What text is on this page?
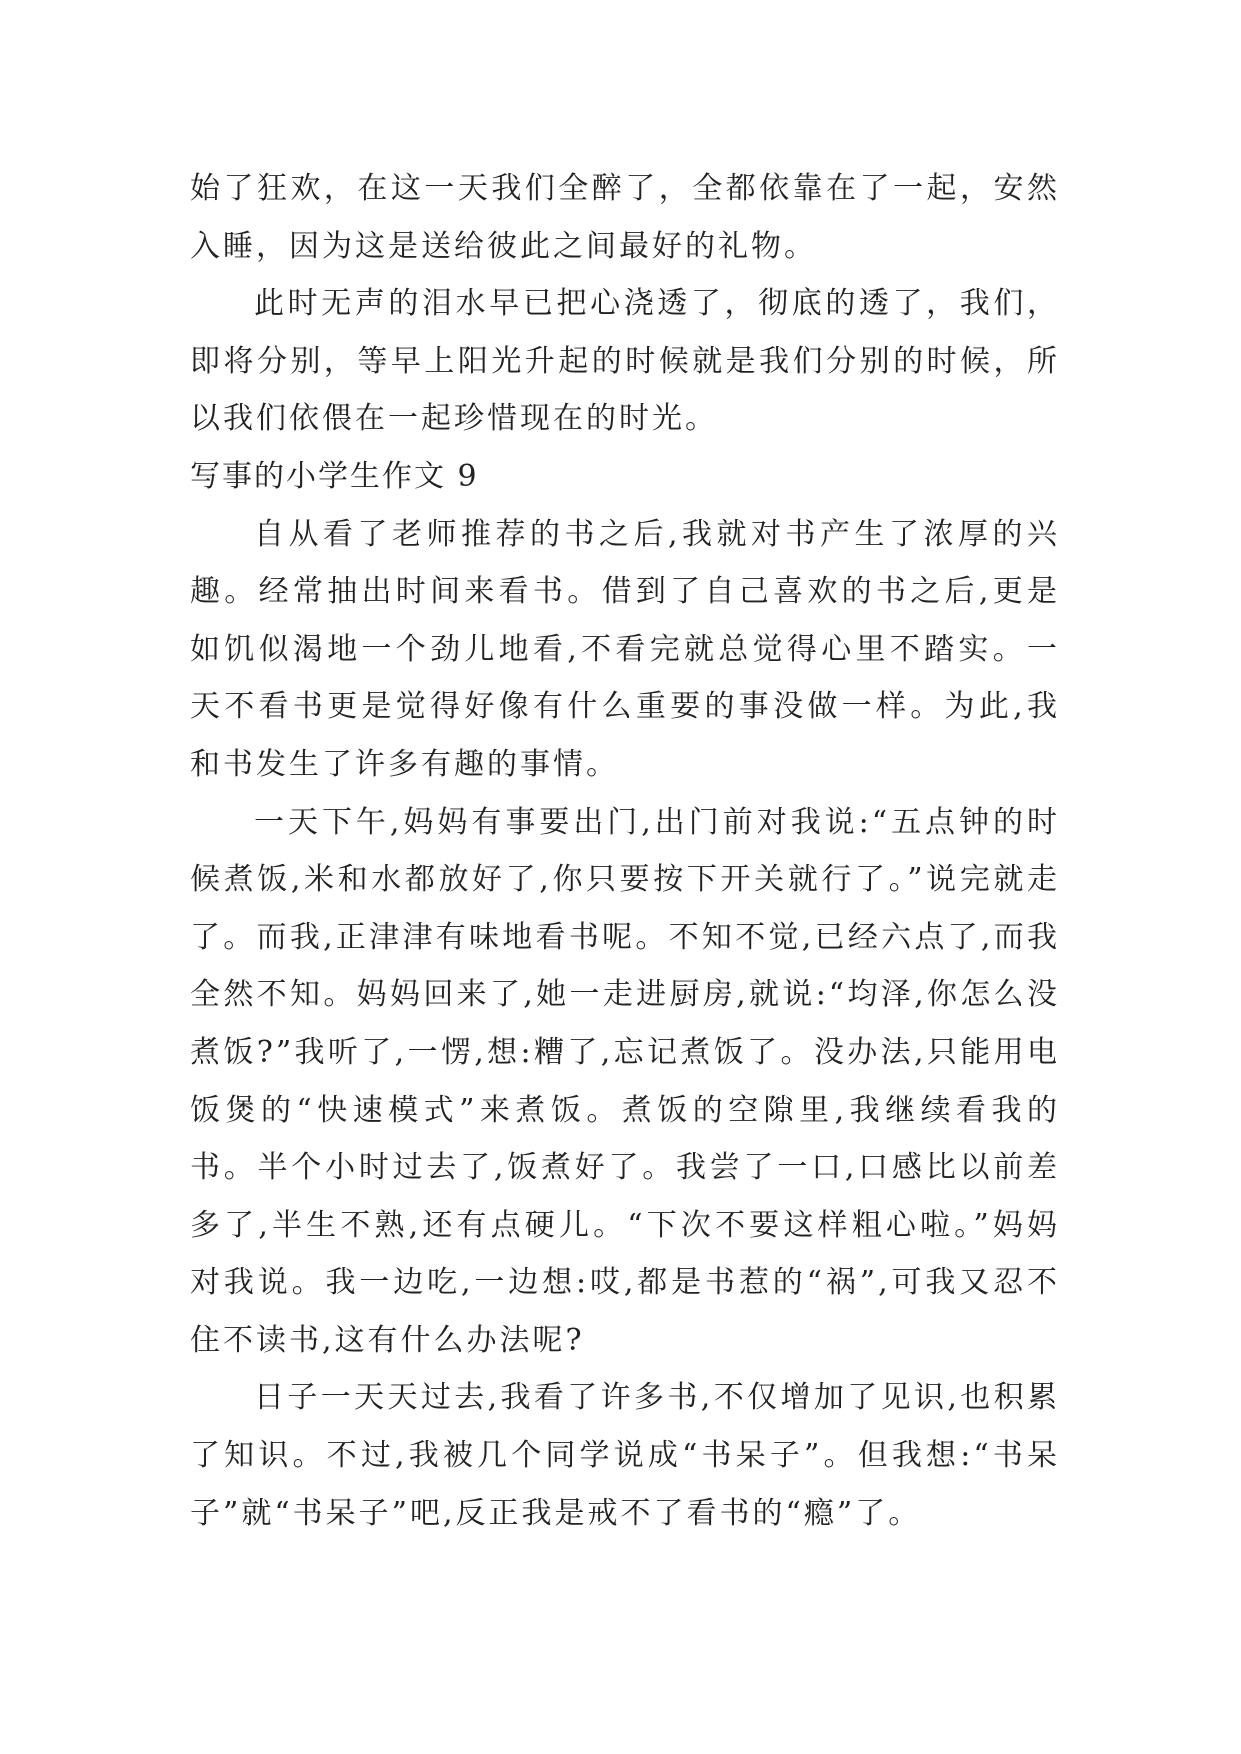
始了狂欢，在这一天我们全醉了，全都依靠在了一起，安然入睡，因为这是送给彼此之间最好的礼物。

此时无声的泪水早已把心浇透了，彻底的透了，我们，即将分别，等早上阳光升起的时候就是我们分别的时候，所以我们依偎在一起珍惜现在的时光。

写事的小学生作文 9

自从看了老师推荐的书之后,我就对书产生了浓厚的兴趣。经常抽出时间来看书。借到了自己喜欢的书之后,更是如饥似渴地一个劲儿地看,不看完就总觉得心里不踏实。一天不看书更是觉得好像有什么重要的事没做一样。为此,我和书发生了许多有趣的事情。

一天下午,妈妈有事要出门,出门前对我说:“五点钟的时候煮饭,米和水都放好了,你只要按下开关就行了。”说完就走了。而我,正津津有味地看书呢。不知不觉,已经六点了,而我全然不知。妈妈回来了,她一走进厨房,就说:“均泽,你怎么没煮饭?”我听了,一愣,想:糟了,忘记煮饭了。没办法,只能用电饭煲的“快速模式”来煮饭。煮饭的空隙里,我继续看我的书。半个小时过去了,饭煮好了。我尝了一口,口感比以前差多了,半生不熟,还有点硬儿。“下次不要这样粗心啦。”妈妈对我说。我一边吃,一边想:哎,都是书惹的“祸”,可我又忍不住不读书,这有什么办法呢?

日子一天天过去,我看了许多书,不仅增加了见识,也积累了知识。不过,我被几个同学说成“书呆子”。但我想:“书呆子”就“书呆子”吧,反正我是戒不了看书的“瘾”了。
